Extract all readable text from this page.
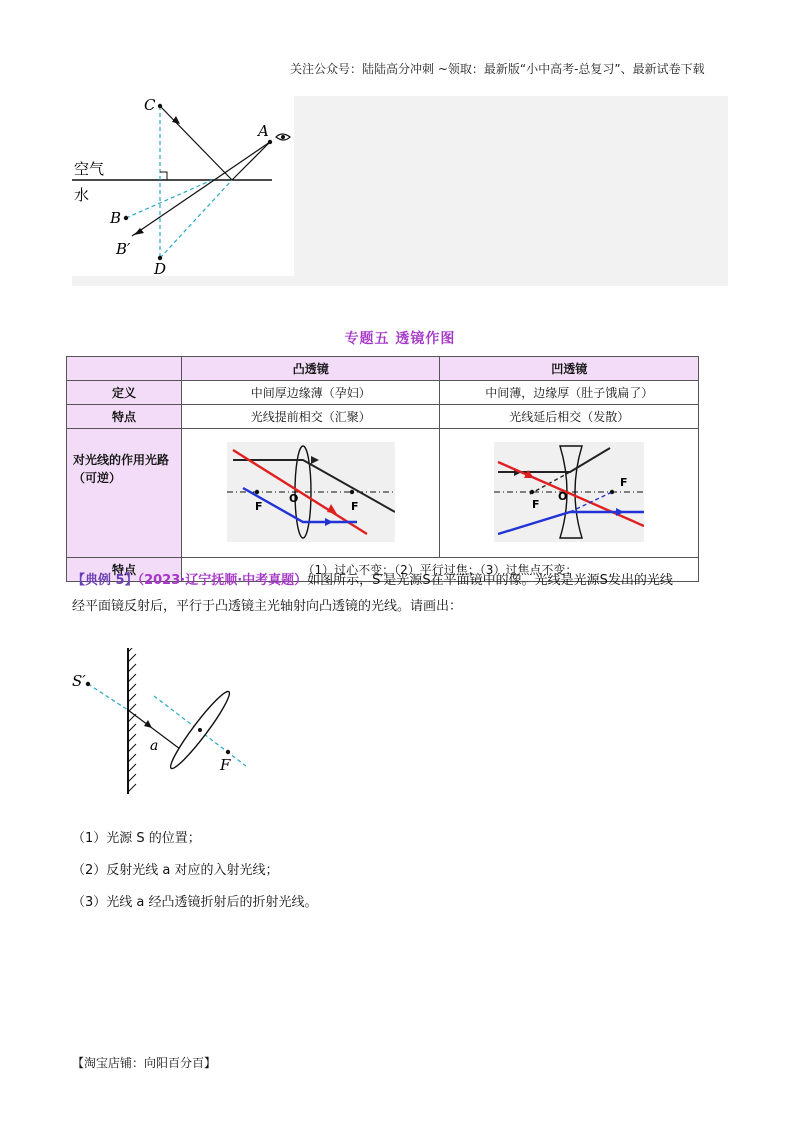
关注公众号：陆陆高分冲刺 ~领取：最新版“小中高考-总复习”、最新试卷下载
C
A
B
B′
D
空气
水
专题五 透镜作图
	凸透镜	凹透镜
定义	中间厚边缘薄（孕妇）	中间薄，边缘厚（肚子饿扁了）
特点	光线提前相交（汇聚）	光线延后相交（发散）
对光线的作用光路（可逆）	F
O
F	F
O
F

特点	（1）过心不变；（2）平行过焦；（3）过焦点不变；	
【典例 5】（2023·辽宁抚顺·中考真题）如图所示，S′是光源S在平面镜中的像。光线是光源S发出的光线
经平面镜反射后，平行于凸透镜主光轴射向凸透镜的光线。请画出：
S′
a
F
（1）光源 S 的位置；
（2）反射光线 a 对应的入射光线；
（3）光线 a 经凸透镜折射后的折射光线。
【淘宝店铺：向阳百分百】
